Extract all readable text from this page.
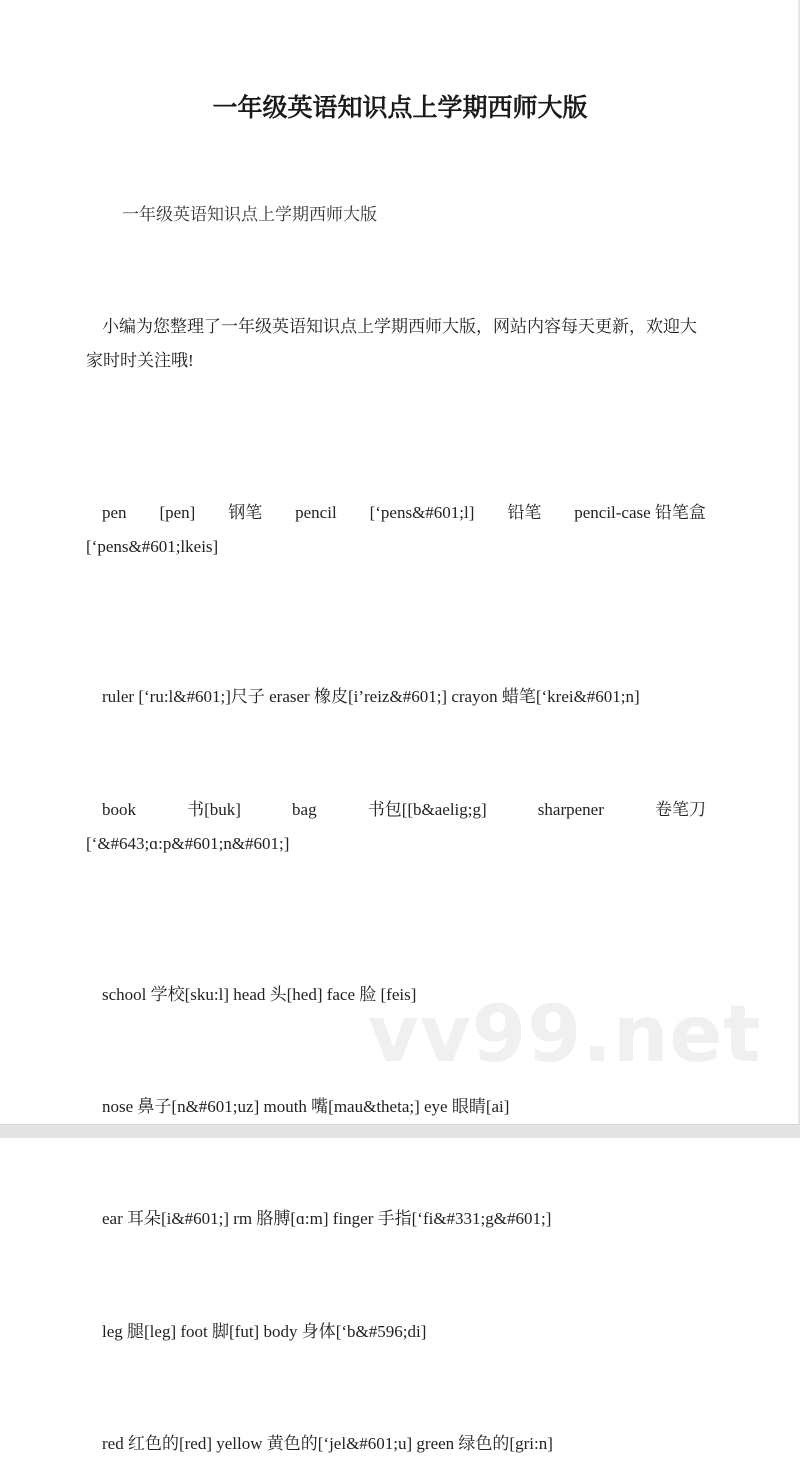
vv99.net
一年级英语知识点上学期西师大版

一年级英语知识点上学期西师大版

小编为您整理了一年级英语知识点上学期西师大版，网站内容每天更新，欢迎大家时时关注哦!

pen [pen] 钢笔 pencil [‘pens&#601;l] 铅笔 pencil-case 铅笔盒
[‘pens&#601;lkeis]

ruler [‘ru:l&#601;]尺子 eraser 橡皮[i’reiz&#601;] crayon 蜡笔[‘krei&#601;n]

book	书[buk]	bag	书包[[b&aelig;g]	sharpener	卷笔刀
[‘&#643;ɑ:p&#601;n&#601;]

school 学校[sku:l] head 头[hed] face 脸 [feis]

nose 鼻子[n&#601;uz] mouth 嘴[mau&theta;] eye 眼睛[ai]

ear 耳朵[i&#601;] rm 胳膊[ɑ:m] finger 手指[‘fi&#331;g&#601;]

leg 腿[leg] foot 脚[fut] body 身体[‘b&#596;di]

red 红色的[red] yellow 黄色的[‘jel&#601;u] green 绿色的[gri:n]
